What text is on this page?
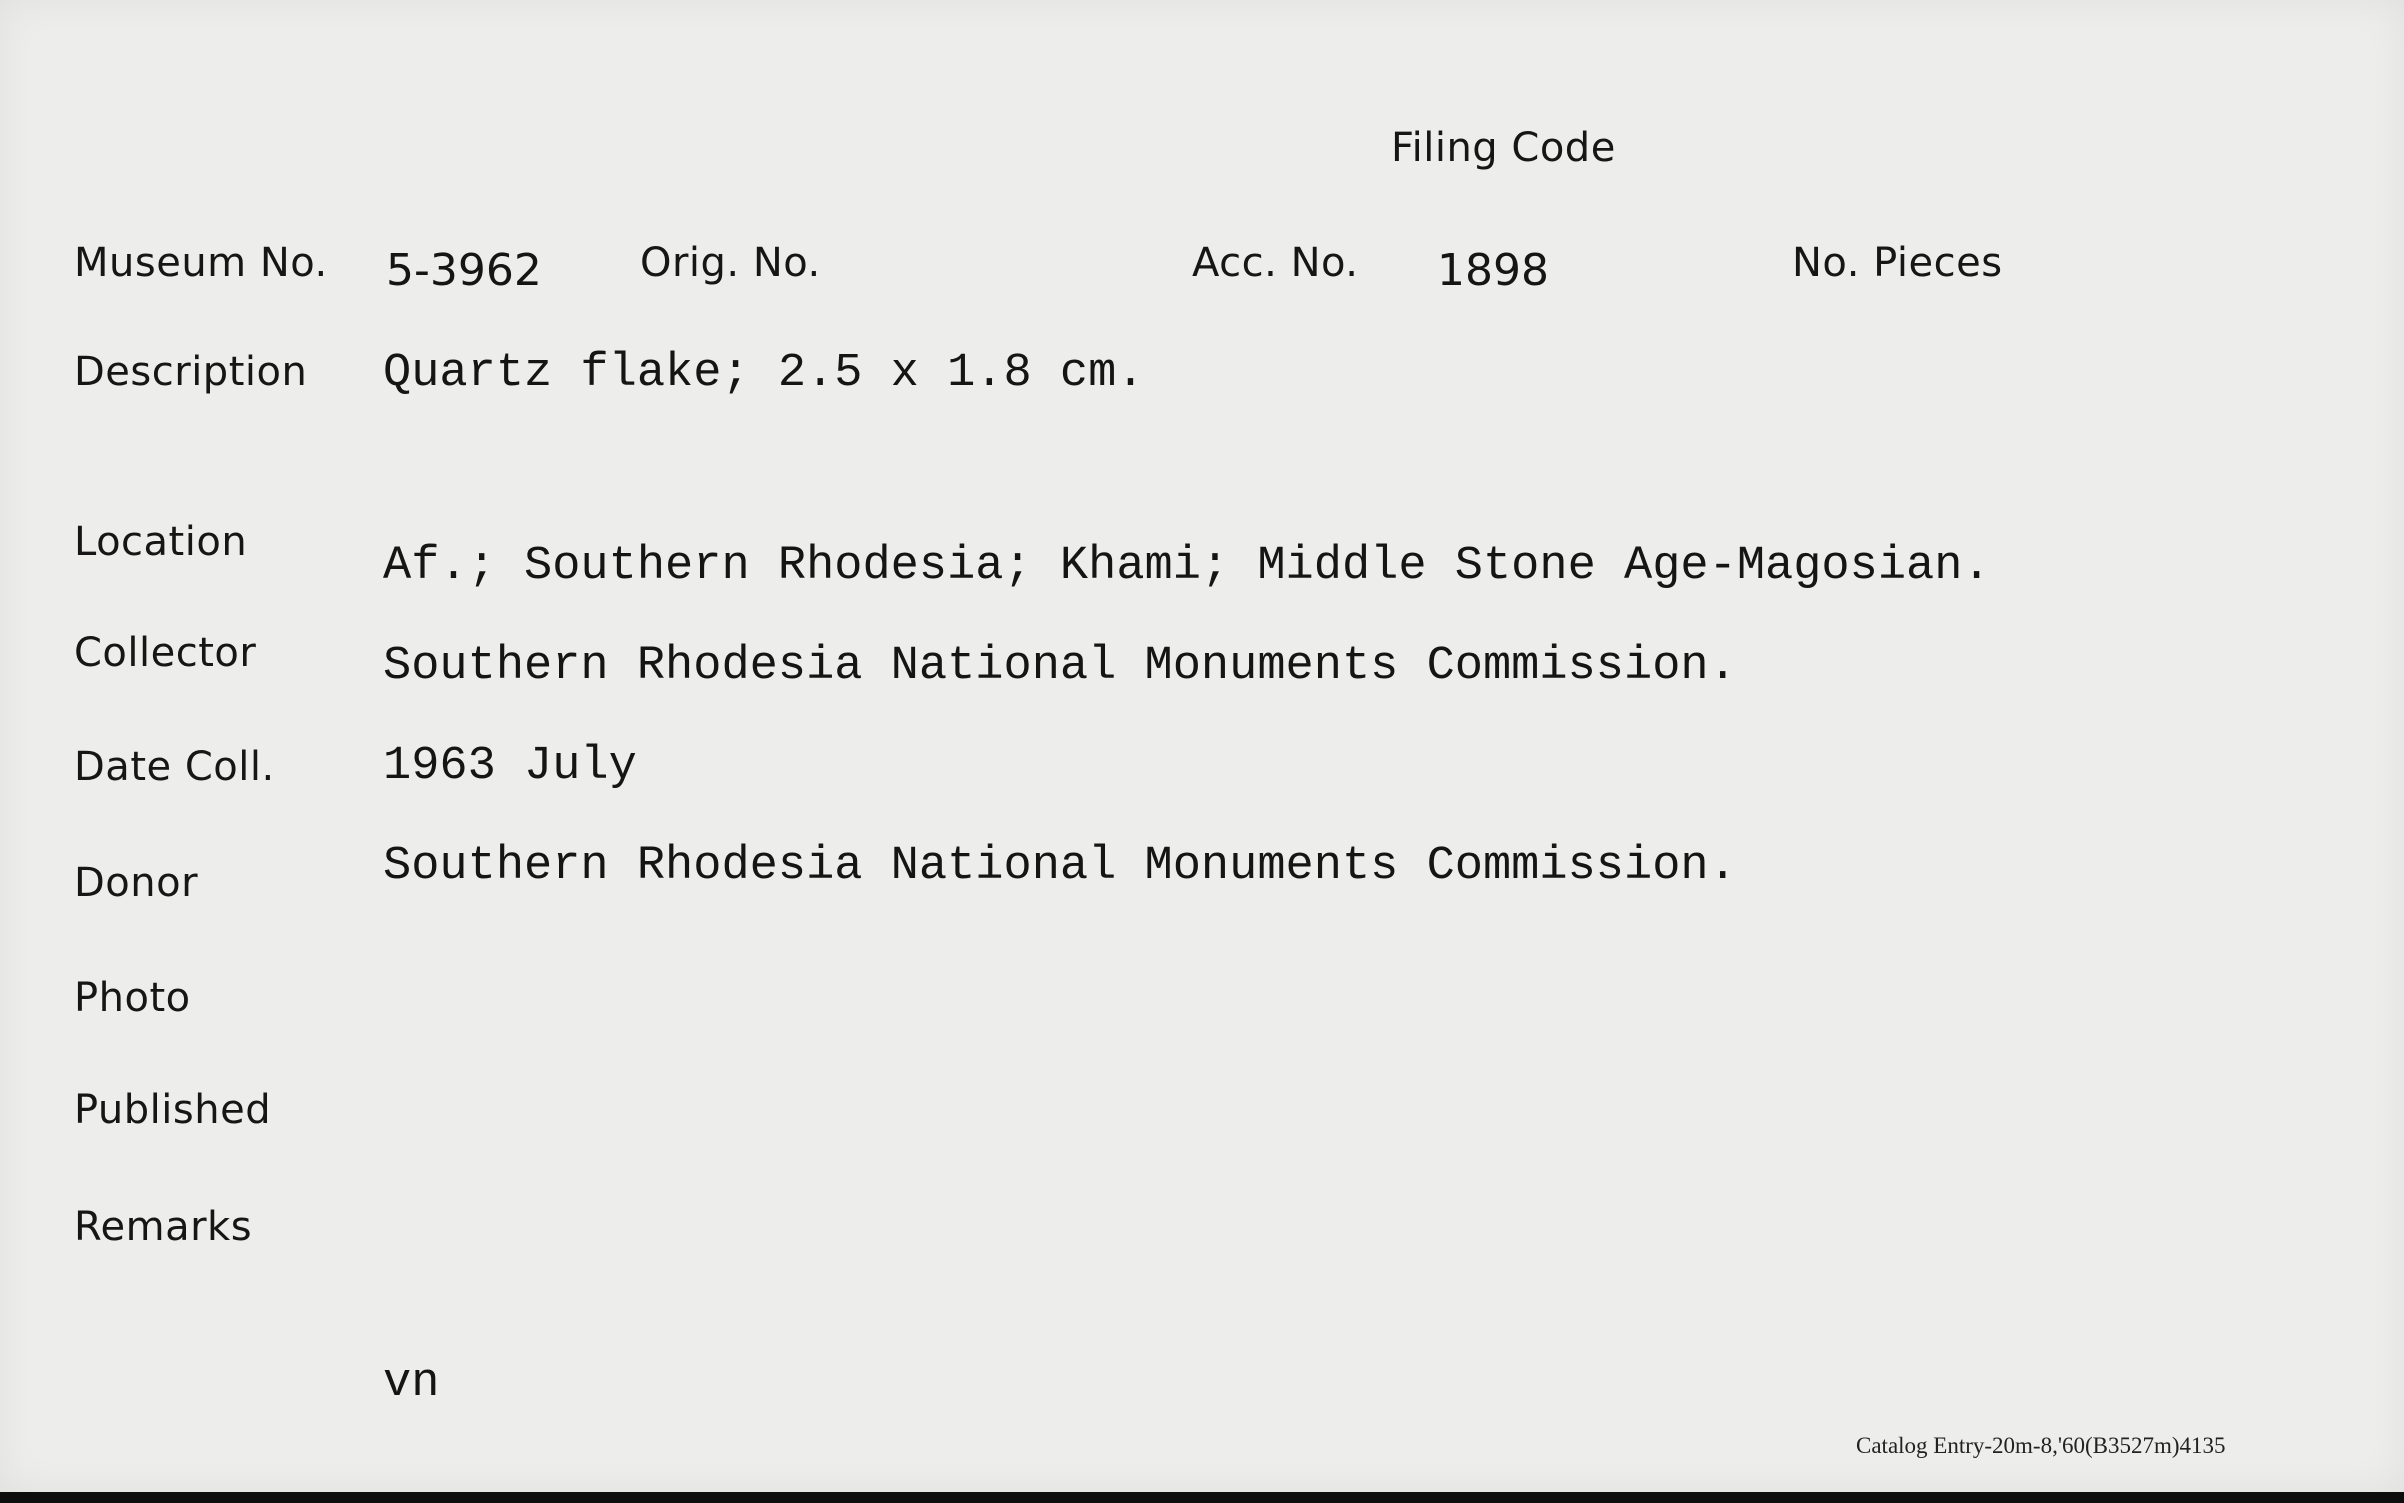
Filing Code
Museum No. 5-3962 Orig. No.	Acc. No. 1898	No. Pieces
Description Quartz flake; 2.5 x 1.8 cm.
Location	Af.; Southern Rhodesia; Khami; Middle Stone Age-Magosian.
Collector	Southern Rhodesia National Monuments Commission.
Date Coll. 1963 July
Donor	Southern Rhodesia National Monuments Commission.
Photo
Published
Remarks
vn
Catalog Entry-20m-8,'60(B3527m)4135
